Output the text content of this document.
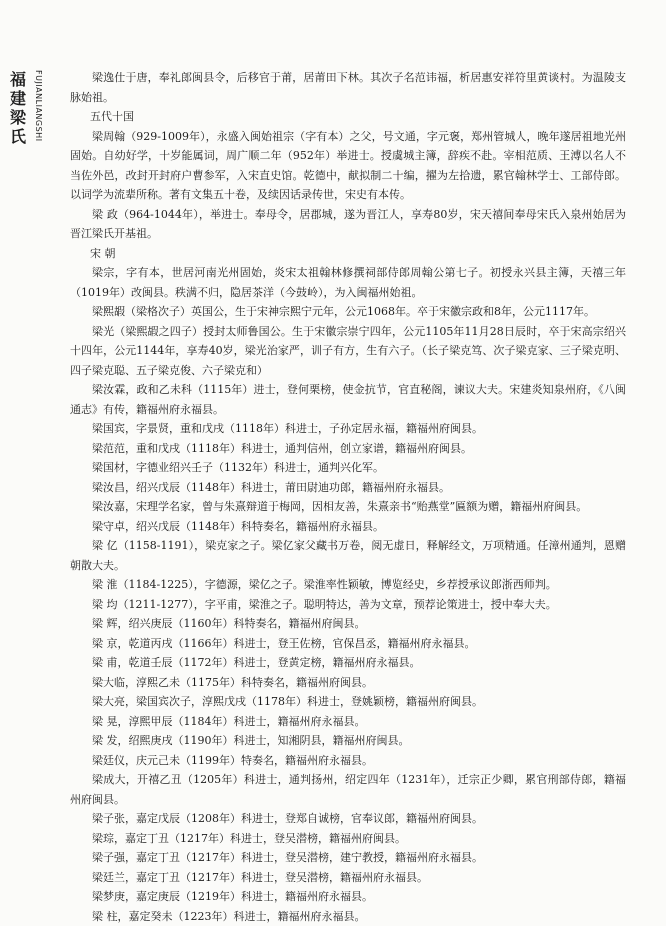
福建梁氏 FUJIANLIANGSHI	梁逸仕于唐，奉礼郎闽县令，后移官于莆，居莆田下林。其次子名范讳福，析居惠安祥符里黄谈村。为温陵支脉始祖。

五代十国

梁周翰（929-1009年），永盛入闽始祖宗（字有本）之父，号文通，字元褒，郑州管城人，晚年遂居祖地光州固始。自幼好学，十岁能属词，周广顺二年（952年）举进士。授虞城主簿，辞疾不赴。宰相范质、王溥以名人不当佐外邑，改封开封府户曹参军，入宋直史馆。乾德中，献拟制二十编，擢为左拾遗，累官翰林学士、工部侍郎。以词学为流辈所称。著有文集五十卷，及续因话录传世，宋史有本传。

梁 政（964-1044年），举进士。奉母令，居郡城，遂为晋江人，享寿80岁，宋天禧间奉母宋氏入泉州始居为晋江梁氏开基祖。

宋 朝

梁宗，字有本，世居河南光州固始，炎宋太祖翰林修撰祠部侍郎周翰公第七子。初授永兴县主簿，天禧三年（1019年）改闽县。秩满不归，隐居茶洋（今鼓岭），为入闽福州始祖。

梁熙嘏（梁格次子）英国公，生于宋神宗熙宁元年，公元1068年。卒于宋徽宗政和8年，公元1117年。

梁光（梁熙嘏之四子）授封太师鲁国公。生于宋徽宗崇宁四年，公元1105年11月28日辰时，卒于宋高宗绍兴十四年，公元1144年，享寿40岁，梁光治家严，训子有方，生有六子。（长子梁克笃、次子梁克家、三子梁克明、四子梁克聪、五子梁克俊、六子梁克和）

梁汝霖，政和乙未科（1115年）进士，登何栗榜，使金抗节，官直秘阁，谏议大夫。宋建炎知泉州府，《八闽通志》有传，籍福州府永福县。

梁国宾，字景贤，重和戊戌（1118年）科进士，子孙定居永福，籍福州府闽县。

梁范范，重和戊戌（1118年）科进士，通判信州，创立家谱，籍福州府闽县。

梁国材，字德业绍兴壬子（1132年）科进士，通判兴化军。

梁汝昌，绍兴戊辰（1148年）科进士，莆田尉迪功郎，籍福州府永福县。

梁汝嘉，宋理学名家，曾与朱熹辩道于梅岡，因相友善，朱熹亲书“贻燕堂”匾额为赠，籍福州府闽县。

梁守卓，绍兴戊辰（1148年）科特奏名，籍福州府永福县。

梁 亿（1158-1191），梁克家之子。梁亿家父藏书万卷，阅无虚日，释解经文，万项精通。任漳州通判，恩赠朝散大夫。

梁 淮（1184-1225），字德源，梁亿之子。梁淮率性颖敏，博览经史，乡荐授承议郎浙西师判。

梁 均（1211-1277），字平甫，梁淮之子。聪明特达，善为文章，预荐论策进士，授中奉大夫。

梁 辉，绍兴庚辰（1160年）科特奏名，籍福州府闽县。

梁 京，乾道丙戌（1166年）科进士，登王佐榜，官保昌丞，籍福州府永福县。

梁 甫，乾道壬辰（1172年）科进士，登黄定榜，籍福州府永福县。

梁大临，淳熙乙未（1175年）科特奏名，籍福州府闽县。

梁大亮，梁国宾次子，淳熙戊戌（1178年）科进士，登姚颖榜，籍福州府闽县。

梁 晃，淳熙甲辰（1184年）科进士，籍福州府永福县。

梁 发，绍熙庚戌（1190年）科进士，知湘阴县，籍福州府闽县。

梁廷仪，庆元己未（1199年）特奏名，籍福州府永福县。

梁成大，开禧乙丑（1205年）科进士，通判扬州，绍定四年（1231年），迁宗正少卿，累官刑部侍郎，籍福州府闽县。

梁子张，嘉定戊辰（1208年）科进士，登郑自诚榜，官奉议郎，籍福州府闽县。

梁琮，嘉定丁丑（1217年）科进士，登吴潜榜，籍福州府闽县。

梁子强，嘉定丁丑（1217年）科进士，登吴潜榜，建宁教授，籍福州府永福县。

梁廷兰，嘉定丁丑（1217年）科进士，登吴潜榜，籍福州府永福县。

梁梦庚，嘉定庚辰（1219年）科进士，籍福州府永福县。

梁 柱，嘉定癸未（1223年）科进士，籍福州府永福县。
